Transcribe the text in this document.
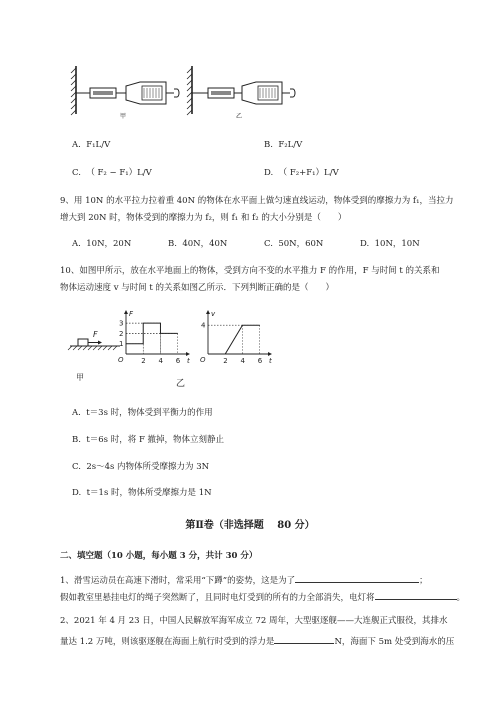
甲	乙
A. F₁L/V	B. F₂L/V
C. （ F₂ − F₁）L/V	D. （ F₂+F₁）L/V
9、用 10N 的水平拉力拉着重 40N 的物体在水平面上做匀速直线运动，物体受到的摩擦力为 f₁，当拉力
增大到 20N 时，物体受到的摩擦力为 f₂，则 f₁ 和 f₂ 的大小分别是（　　）
A. 10N，20N	B. 40N，40N	C. 50N，60N	D. 10N，10N
10、如图甲所示，放在水平地面上的物体，受到方向不变的水平推力 F 的作用，F 与时间 t 的关系和
物体运动速度 v 与时间 t 的关系如图乙所示．下列判断正确的是（　　）
F
甲
F
t
O	2 4 6
3
2
1
v
t
O	2 4 6
4
乙
A. t＝3s 时，物体受到平衡力的作用
B. t＝6s 时，将 F 撤掉，物体立刻静止
C. 2s～4s 内物体所受摩擦力为 3N
D. t＝1s 时，物体所受摩擦力是 1N
第Ⅱ卷（非选择题　 80 分）
二、填空题（10 小题，每小题 3 分，共计 30 分）
1、滑雪运动员在高速下滑时，常采用“下蹲”的姿势，这是为了	；
假如教室里悬挂电灯的绳子突然断了，且同时电灯受到的所有的力全部消失，电灯将	。
2、2021 年 4 月 23 日，中国人民解放军海军成立 72 周年，大型驱逐舰——大连舰正式服役，其排水
量达 1.2 万吨，则该驱逐舰在海面上航行时受到的浮力是	N，海面下 5m 处受到海水的压
